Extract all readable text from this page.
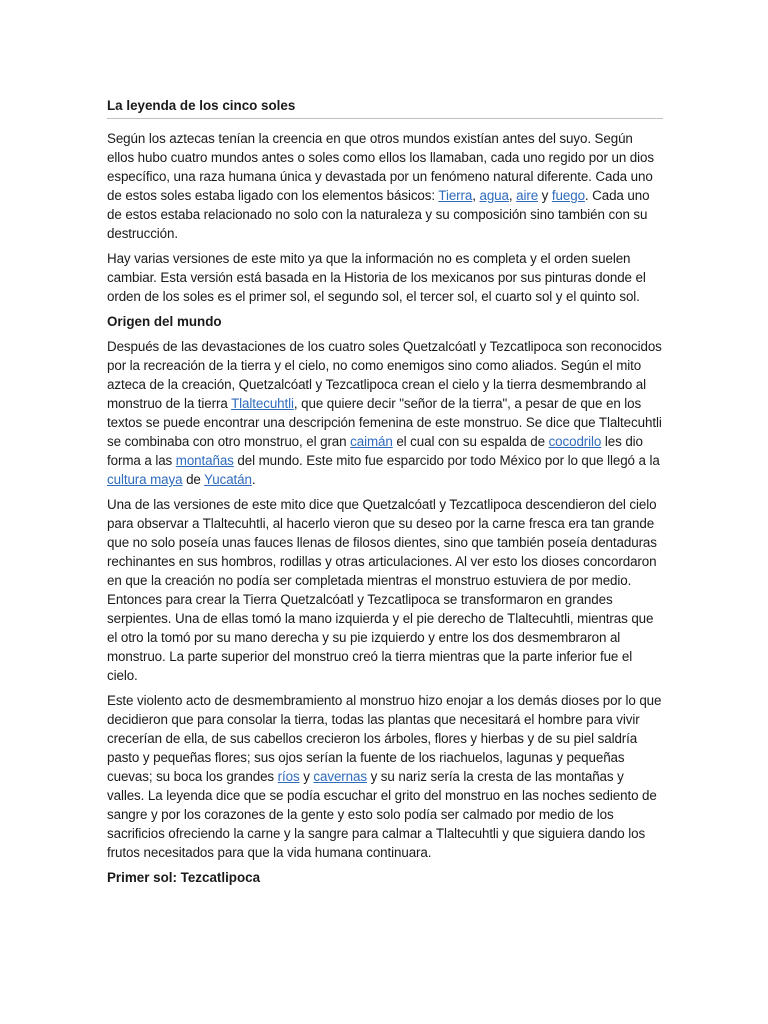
La leyenda de los cinco soles

Según los aztecas tenían la creencia en que otros mundos existían antes del suyo. Según ellos hubo cuatro mundos antes o soles como ellos los llamaban, cada uno regido por un dios específico, una raza humana única y devastada por un fenómeno natural diferente. Cada uno de estos soles estaba ligado con los elementos básicos: Tierra, agua, aire y fuego. Cada uno de estos estaba relacionado no solo con la naturaleza y su composición sino también con su destrucción.

Hay varias versiones de este mito ya que la información no es completa y el orden suelen cambiar. Esta versión está basada en la Historia de los mexicanos por sus pinturas donde el orden de los soles es el primer sol, el segundo sol, el tercer sol, el cuarto sol y el quinto sol.

Origen del mundo

Después de las devastaciones de los cuatro soles Quetzalcóatl y Tezcatlipoca son reconocidos por la recreación de la tierra y el cielo, no como enemigos sino como aliados. Según el mito azteca de la creación, Quetzalcóatl y Tezcatlipoca crean el cielo y la tierra desmembrando al monstruo de la tierra Tlaltecuhtli, que quiere decir "señor de la tierra", a pesar de que en los textos se puede encontrar una descripción femenina de este monstruo. Se dice que Tlaltecuhtli se combinaba con otro monstruo, el gran caimán el cual con su espalda de cocodrilo les dio forma a las montañas del mundo. Este mito fue esparcido por todo México por lo que llegó a la cultura maya de Yucatán.

Una de las versiones de este mito dice que Quetzalcóatl y Tezcatlipoca descendieron del cielo para observar a Tlaltecuhtli, al hacerlo vieron que su deseo por la carne fresca era tan grande que no solo poseía unas fauces llenas de filosos dientes, sino que también poseía dentaduras rechinantes en sus hombros, rodillas y otras articulaciones. Al ver esto los dioses concordaron en que la creación no podía ser completada mientras el monstruo estuviera de por medio. Entonces para crear la Tierra Quetzalcóatl y Tezcatlipoca se transformaron en grandes serpientes. Una de ellas tomó la mano izquierda y el pie derecho de Tlaltecuhtli, mientras que el otro la tomó por su mano derecha y su pie izquierdo y entre los dos desmembraron al monstruo. La parte superior del monstruo creó la tierra mientras que la parte inferior fue el cielo.

Este violento acto de desmembramiento al monstruo hizo enojar a los demás dioses por lo que decidieron que para consolar la tierra, todas las plantas que necesitará el hombre para vivir crecerían de ella, de sus cabellos crecieron los árboles, flores y hierbas y de su piel saldría pasto y pequeñas flores; sus ojos serían la fuente de los riachuelos, lagunas y pequeñas cuevas; su boca los grandes ríos y cavernas y su nariz sería la cresta de las montañas y valles. La leyenda dice que se podía escuchar el grito del monstruo en las noches sediento de sangre y por los corazones de la gente y esto solo podía ser calmado por medio de los sacrificios ofreciendo la carne y la sangre para calmar a Tlaltecuhtli y que siguiera dando los frutos necesitados para que la vida humana continuara.

Primer sol: Tezcatlipoca
